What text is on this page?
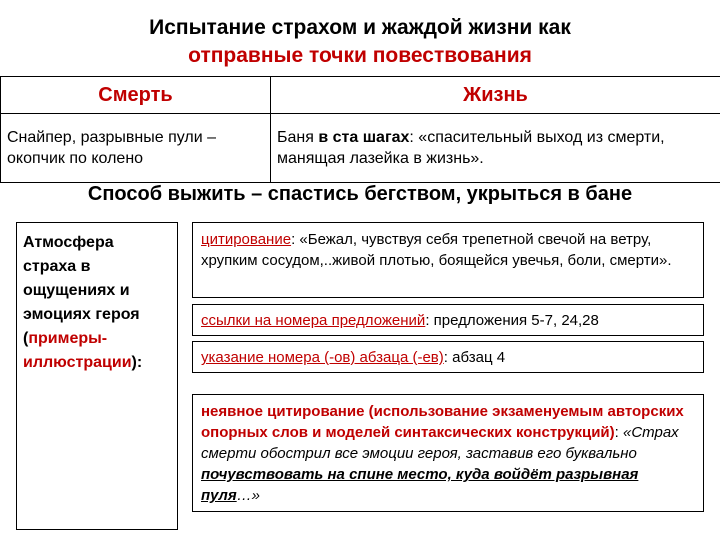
Испытание страхом и жаждой жизни как
отправные точки повествования
Смерть	Жизнь
Снайпер, разрывные пули – окопчик по колено	Баня в ста шагах: «спасительный выход из смерти, манящая лазейка в жизнь».
Способ выжить – спастись бегством, укрыться в бане
Атмосфера страха в ощущениях и эмоциях героя (примеры-иллюстрации):
цитирование: «Бежал, чувствуя себя трепетной свечой на ветру, хрупким сосудом,..живой плотью, боящейся увечья, боли, смерти».
ссылки на номера предложений: предложения 5-7, 24,28
указание номера (-ов) абзаца (-ев): абзац 4
неявное цитирование (использование экзаменуемым авторских опорных слов и моделей синтаксических конструкций): «Страх смерти обострил все эмоции героя, заставив его буквально почувствовать на спине место, куда войдёт разрывная пуля…»
